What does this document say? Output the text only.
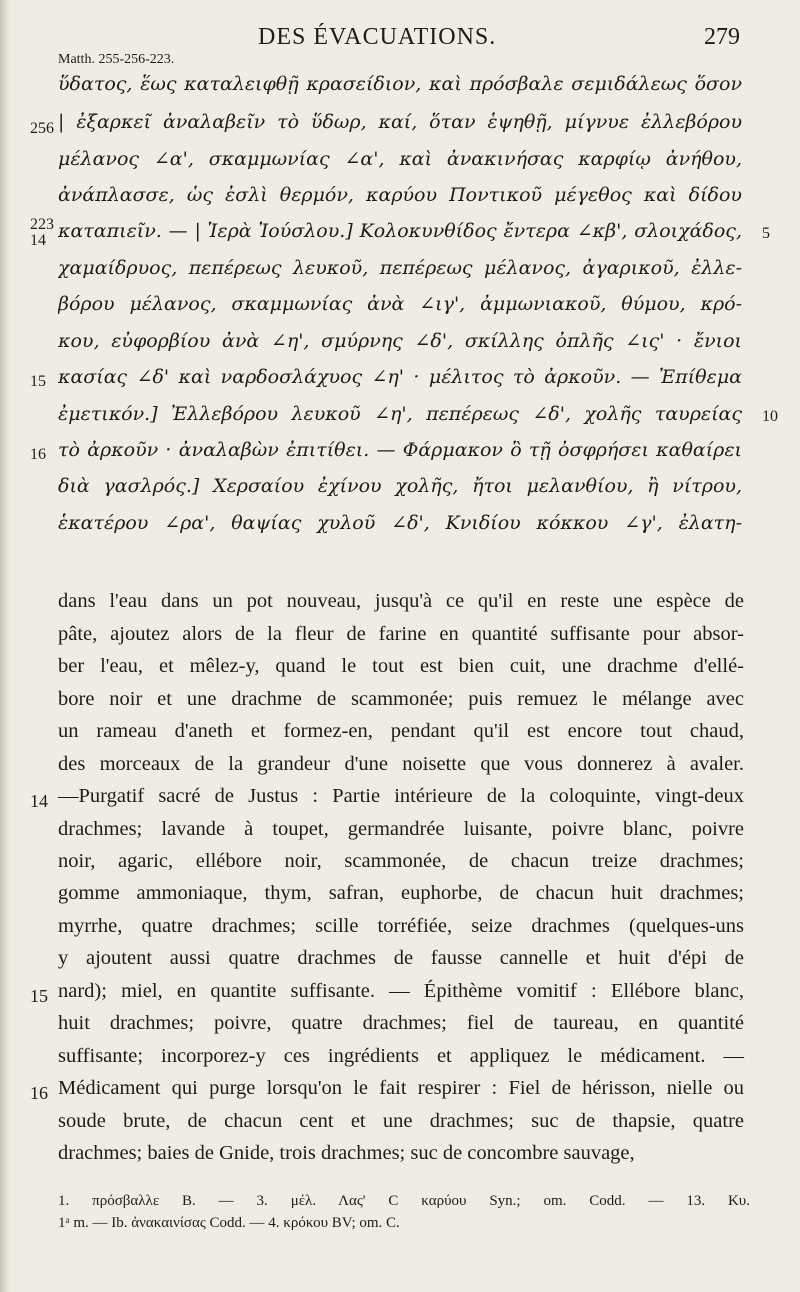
DES ÉVACUATIONS.	279
Matth. 255-256-223.
ὕδατος, ἕως καταλειφθῇ κρασείδιον, καὶ πρόσβαλε σεμιδάλεως ὅσον
| ἐξαρκεῖ ἀναλαβεῖν τὸ ὕδωρ, καί, ὅταν ἑψηθῇ, μίγνυε ἐλλεβόρου
μέλανος ∠α', σκαμμωνίας ∠α', καὶ ἀνακινήσας καρφίῳ ἀνήθου,
ἀνάπλασσε, ὡς ἐσλὶ θερμόν, καρύου Ποντικοῦ μέγεθος καὶ δίδου
καταπιεῖν. — | Ἱερὰ Ἰούσλου.] Κολοκυνθίδος ἔντερα ∠κβ', σλοιχάδος,
χαμαίδρυος, πεπέρεως λευκοῦ, πεπέρεως μέλανος, ἀγαρικοῦ, ἐλλε-
βόρου μέλανος, σκαμμωνίας ἀνὰ ∠ιγ', ἀμμωνιακοῦ, θύμου, κρό-
κου, εὐφορβίου ἀνὰ ∠η', σμύρνης ∠δ', σκίλλης ὀπλῆς ∠ις' · ἔνιοι
κασίας ∠δ' καὶ ναρδοσλάχυος ∠η' · μέλιτος τὸ ἀρκοῦν. — Ἐπίθεμα
ἐμετικόν.] Ἐλλεβόρου λευκοῦ ∠η', πεπέρεως ∠δ', χολῆς ταυρείας
τὸ ἀρκοῦν · ἀναλαβὼν ἐπιτίθει. — Φάρμακον ὃ τῇ ὀσφρήσει καθαίρει
διὰ γασλρός.] Χερσαίου ἐχίνου χολῆς, ἤτοι μελανθίου, ἢ νίτρου,
ἑκατέρου ∠ρα', θαψίας χυλοῦ ∠δ', Κνιδίου κόκκου ∠γ', ἐλατη-
256
223
14
15
16
5
10
dans l'eau dans un pot nouveau, jusqu'à ce qu'il en reste une espèce de
pâte, ajoutez alors de la fleur de farine en quantité suffisante pour absor-
ber l'eau, et mêlez-y, quand le tout est bien cuit, une drachme d'ellé-
bore noir et une drachme de scammonée; puis remuez le mélange avec
un rameau d'aneth et formez-en, pendant qu'il est encore tout chaud,
des morceaux de la grandeur d'une noisette que vous donnerez à avaler.
—Purgatif sacré de Justus : Partie intérieure de la coloquinte, vingt-deux
drachmes; lavande à toupet, germandrée luisante, poivre blanc, poivre
noir, agaric, ellébore noir, scammonée, de chacun treize drachmes;
gomme ammoniaque, thym, safran, euphorbe, de chacun huit drachmes;
myrrhe, quatre drachmes; scille torréfiée, seize drachmes (quelques-uns
y ajoutent aussi quatre drachmes de fausse cannelle et huit d'épi de
nard); miel, en quantite suffisante. — Épithème vomitif : Ellébore blanc,
huit drachmes; poivre, quatre drachmes; fiel de taureau, en quantité
suffisante; incorporez-y ces ingrédients et appliquez le médicament. —
Médicament qui purge lorsqu'on le fait respirer : Fiel de hérisson, nielle ou
soude brute, de chacun cent et une drachmes; suc de thapsie, quatre
drachmes; baies de Gnide, trois drachmes; suc de concombre sauvage,
14
15
16
1. πρόσβαλλε B. — 3. μέλ. Λας' C καρύου Syn.; om. Codd. — 13. Κυ.
1ᵃ m. — Ib. ἀνακαινίσας Codd. — 4. κρόκου BV; om. C.
